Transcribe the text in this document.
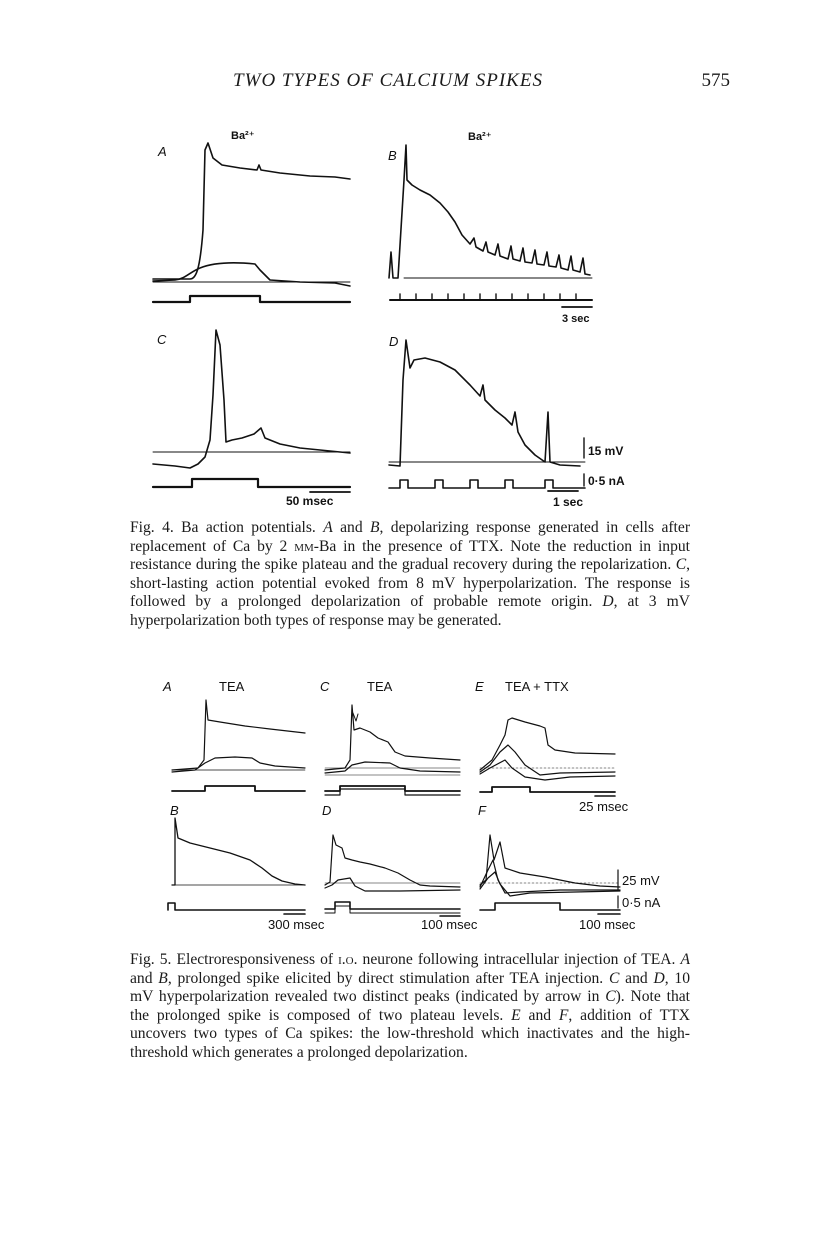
TWO TYPES OF CALCIUM SPIKES	575
A
Ba²⁺
B
Ba²⁺
3 sec
C
50 msec
D
15 mV
0·5 nA
1 sec
A	TEA	C	TEA	E TEA + TTX
25 msec
B
300 msec
D
100 msec
F
25 mV
0·5 nA
100 msec

Fig. 4. Ba action potentials. A and B, depolarizing response generated in cells after replacement of Ca by 2 mm-Ba in the presence of TTX. Note the reduction in input resistance during the spike plateau and the gradual recovery during the repolarization. C, short-lasting action potential evoked from 8 mV hyperpolarization. The response is followed by a prolonged depolarization of probable remote origin. D, at 3 mV hyperpolarization both types of response may be generated.

Fig. 5. Electroresponsiveness of i.o. neurone following intracellular injection of TEA. A and B, prolonged spike elicited by direct stimulation after TEA injection. C and D, 10 mV hyperpolarization revealed two distinct peaks (indicated by arrow in C). Note that the prolonged spike is composed of two plateau levels. E and F, addition of TTX uncovers two types of Ca spikes: the low-threshold which inactivates and the high-threshold which generates a prolonged depolarization.
